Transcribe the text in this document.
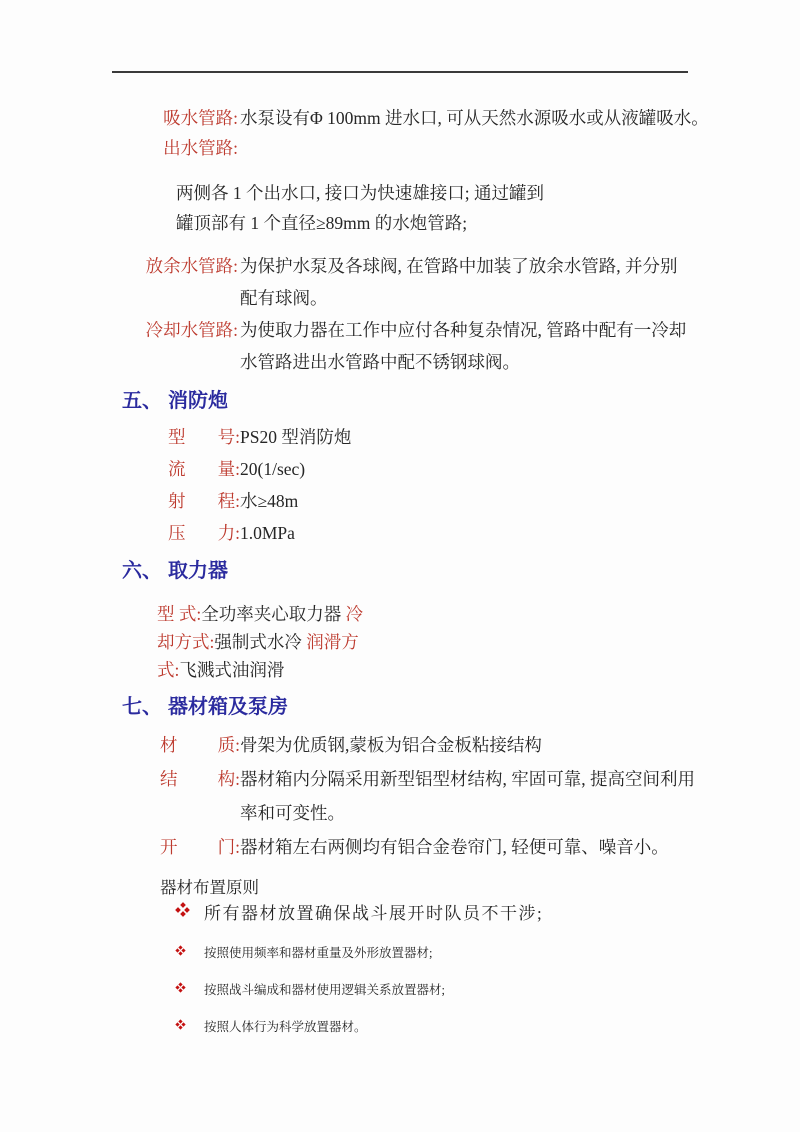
吸水管路: 水泵设有Φ 100mm 进水口, 可从天然水源吸水或从液罐吸水。
出水管路:

两侧各 1 个出水口, 接口为快速雄接口; 通过罐到
罐顶部有 1 个直径≥89mm 的水炮管路;
放余水管路: 为保护水泵及各球阀, 在管路中加装了放余水管路, 并分别
配有球阀。
冷却水管路: 为使取力器在工作中应付各种复杂情况, 管路中配有一冷却
水管路进出水管路中配不锈钢球阀。
五、 消防炮
型 号: PS20 型消防炮
流 量: 20(1/sec)
射 程: 水≥48m
压 力: 1.0MPa
六、 取力器
型 式:全功率夹心取力器 冷
却方式:强制式水冷 润滑方
式:飞溅式油润滑
七、 器材箱及泵房
材 质: 骨架为优质钢,蒙板为铝合金板粘接结构
结 构: 器材箱内分隔采用新型铝型材结构, 牢固可靠, 提高空间利用
率和可变性。
开 门: 器材箱左右两侧均有铝合金卷帘门, 轻便可靠、噪音小。
器材布置原则
所有器材放置确保战斗展开时队员不干涉;
按照使用频率和器材重量及外形放置器材;
按照战斗编成和器材使用逻辑关系放置器材;
按照人体行为科学放置器材。
